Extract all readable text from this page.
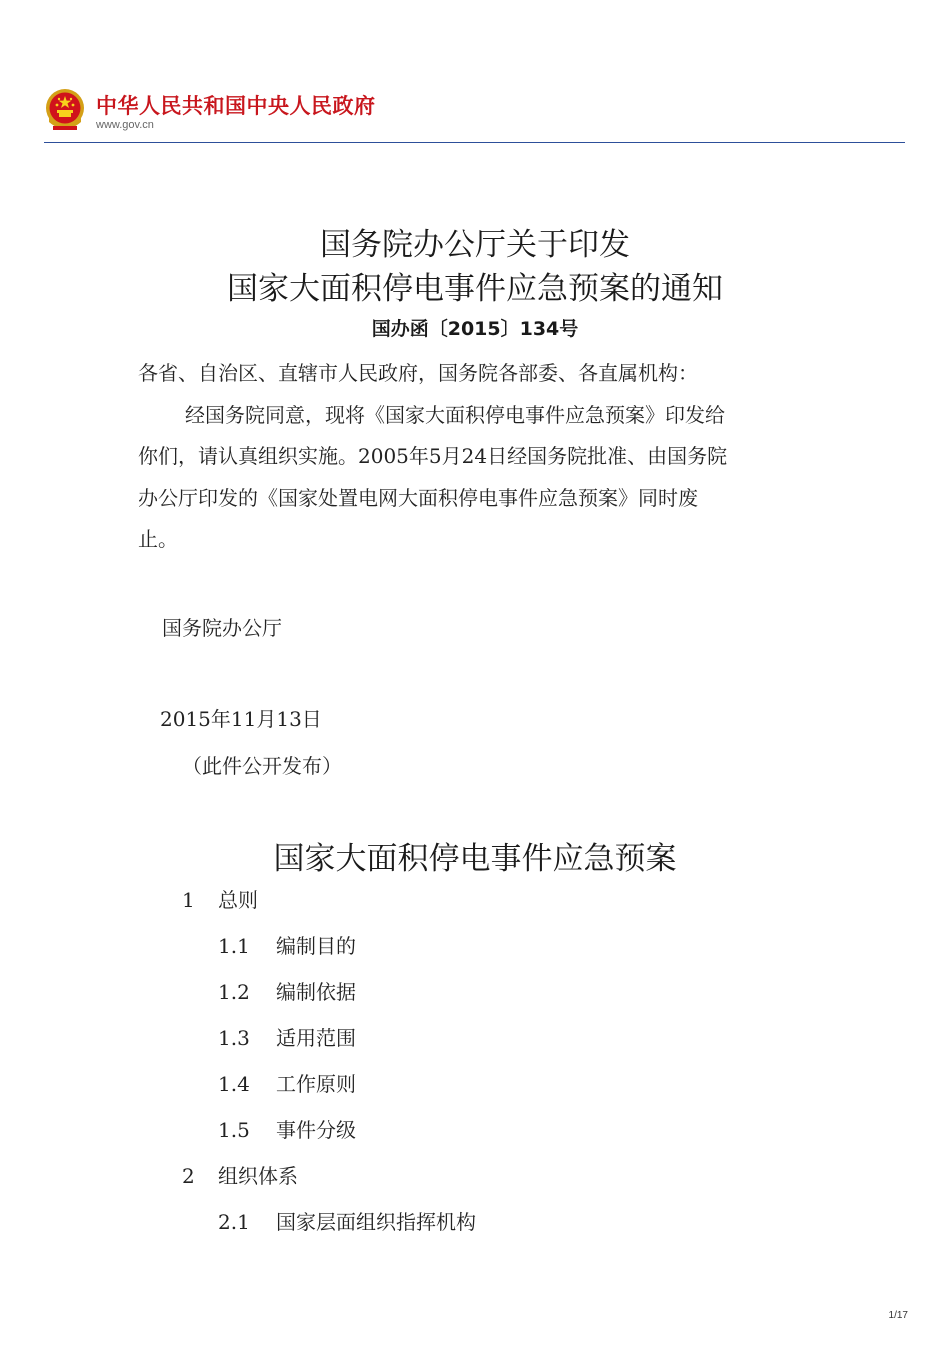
中华人民共和国中央人民政府
www.gov.cn
国务院办公厅关于印发
国家大面积停电事件应急预案的通知
国办函〔2015〕134号
各省、自治区、直辖市人民政府，国务院各部委、各直属机构：
经国务院同意，现将《国家大面积停电事件应急预案》印发给
你们，请认真组织实施。2005年5月24日经国务院批准、由国务院
办公厅印发的《国家处置电网大面积停电事件应急预案》同时废
止。
国务院办公厅
2015年11月13日
（此件公开发布）
国家大面积停电事件应急预案
1 总则
1.1 编制目的
1.2 编制依据
1.3 适用范围
1.4 工作原则
1.5 事件分级
2 组织体系
2.1 国家层面组织指挥机构
1/17
